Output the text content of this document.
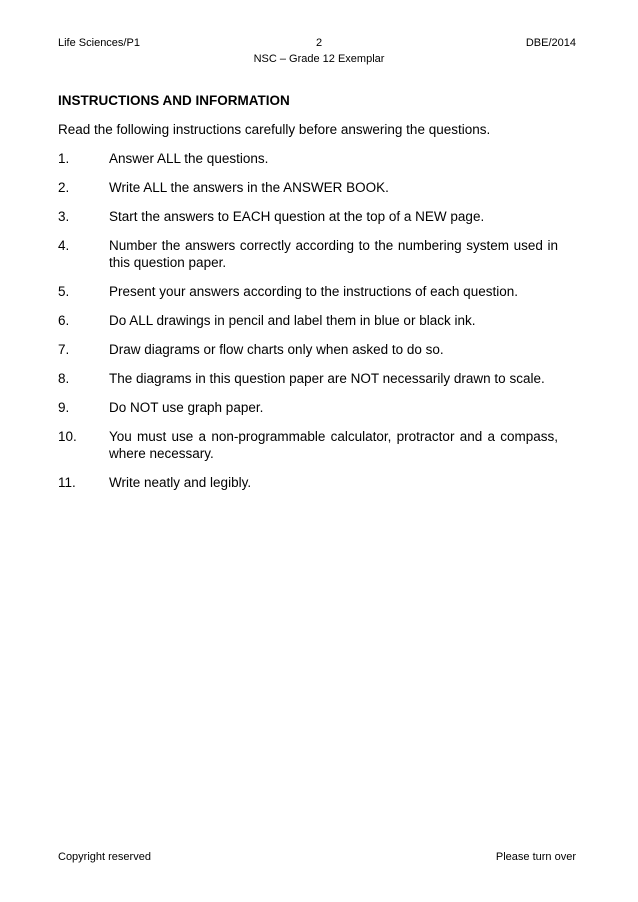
Life Sciences/P1	2	DBE/2014
NSC – Grade 12 Exemplar
INSTRUCTIONS AND INFORMATION
Read the following instructions carefully before answering the questions.
1.	Answer ALL the questions.
2.	Write ALL the answers in the ANSWER BOOK.
3.	Start the answers to EACH question at the top of a NEW page.
4.	Number the answers correctly according to the numbering system used in this question paper.
5.	Present your answers according to the instructions of each question.
6.	Do ALL drawings in pencil and label them in blue or black ink.
7.	Draw diagrams or flow charts only when asked to do so.
8.	The diagrams in this question paper are NOT necessarily drawn to scale.
9.	Do NOT use graph paper.
10.	You must use a non-programmable calculator, protractor and a compass, where necessary.
11.	Write neatly and legibly.
Copyright reserved	Please turn over
